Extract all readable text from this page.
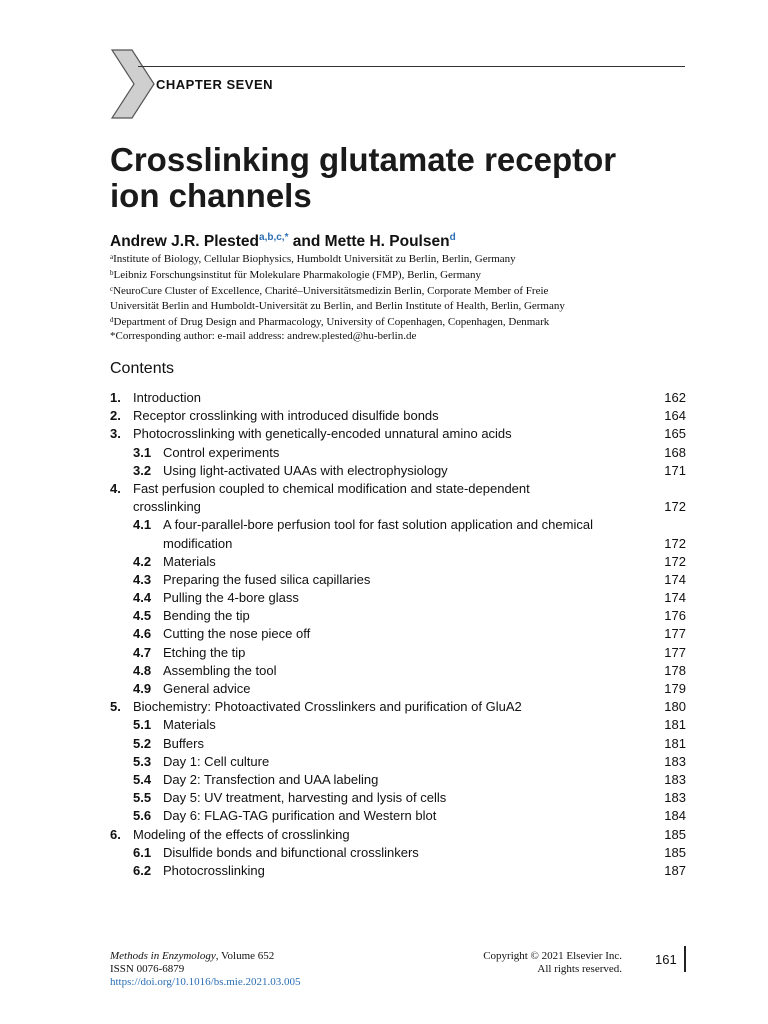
CHAPTER SEVEN
Crosslinking glutamate receptor
ion channels
Andrew J.R. Plested$^{a,b,c,*}$ and Mette H. Poulsen$^d$
$^a$Institute of Biology, Cellular Biophysics, Humboldt Universität zu Berlin, Berlin, Germany
$^b$Leibniz Forschungsinstitut für Molekulare Pharmakologie (FMP), Berlin, Germany
$^c$NeuroCure Cluster of Excellence, Charité–Universitätsmedizin Berlin, Corporate Member of Freie
Universität Berlin and Humboldt-Universität zu Berlin, and Berlin Institute of Health, Berlin, Germany
$^d$Department of Drug Design and Pharmacology, University of Copenhagen, Copenhagen, Denmark
*Corresponding author: e-mail address: andrew.plested@hu-berlin.de
Contents
1. Introduction	162
2. Receptor crosslinking with introduced disulfide bonds	164
3. Photocrosslinking with genetically-encoded unnatural amino acids	165
3.1 Control experiments	168
3.2 Using light-activated UAAs with electrophysiology	171
4. Fast perfusion coupled to chemical modification and state-dependent
crosslinking	172
4.1 A four-parallel-bore perfusion tool for fast solution application and chemical
modification	172
4.2 Materials	172
4.3 Preparing the fused silica capillaries	174
4.4 Pulling the 4-bore glass	174
4.5 Bending the tip	176
4.6 Cutting the nose piece off	177
4.7 Etching the tip	177
4.8 Assembling the tool	178
4.9 General advice	179
5. Biochemistry: Photoactivated Crosslinkers and purification of GluA2	180
5.1 Materials	181
5.2 Buffers	181
5.3 Day 1: Cell culture	183
5.4 Day 2: Transfection and UAA labeling	183
5.5 Day 5: UV treatment, harvesting and lysis of cells	183
5.6 Day 6: FLAG-TAG purification and Western blot	184
6. Modeling of the effects of crosslinking	185
6.1 Disulfide bonds and bifunctional crosslinkers	185
6.2 Photocrosslinking	187
Methods in Enzymology, Volume 652
ISSN 0076-6879
https://doi.org/10.1016/bs.mie.2021.03.005
Copyright © 2021 Elsevier Inc.
All rights reserved.
161
